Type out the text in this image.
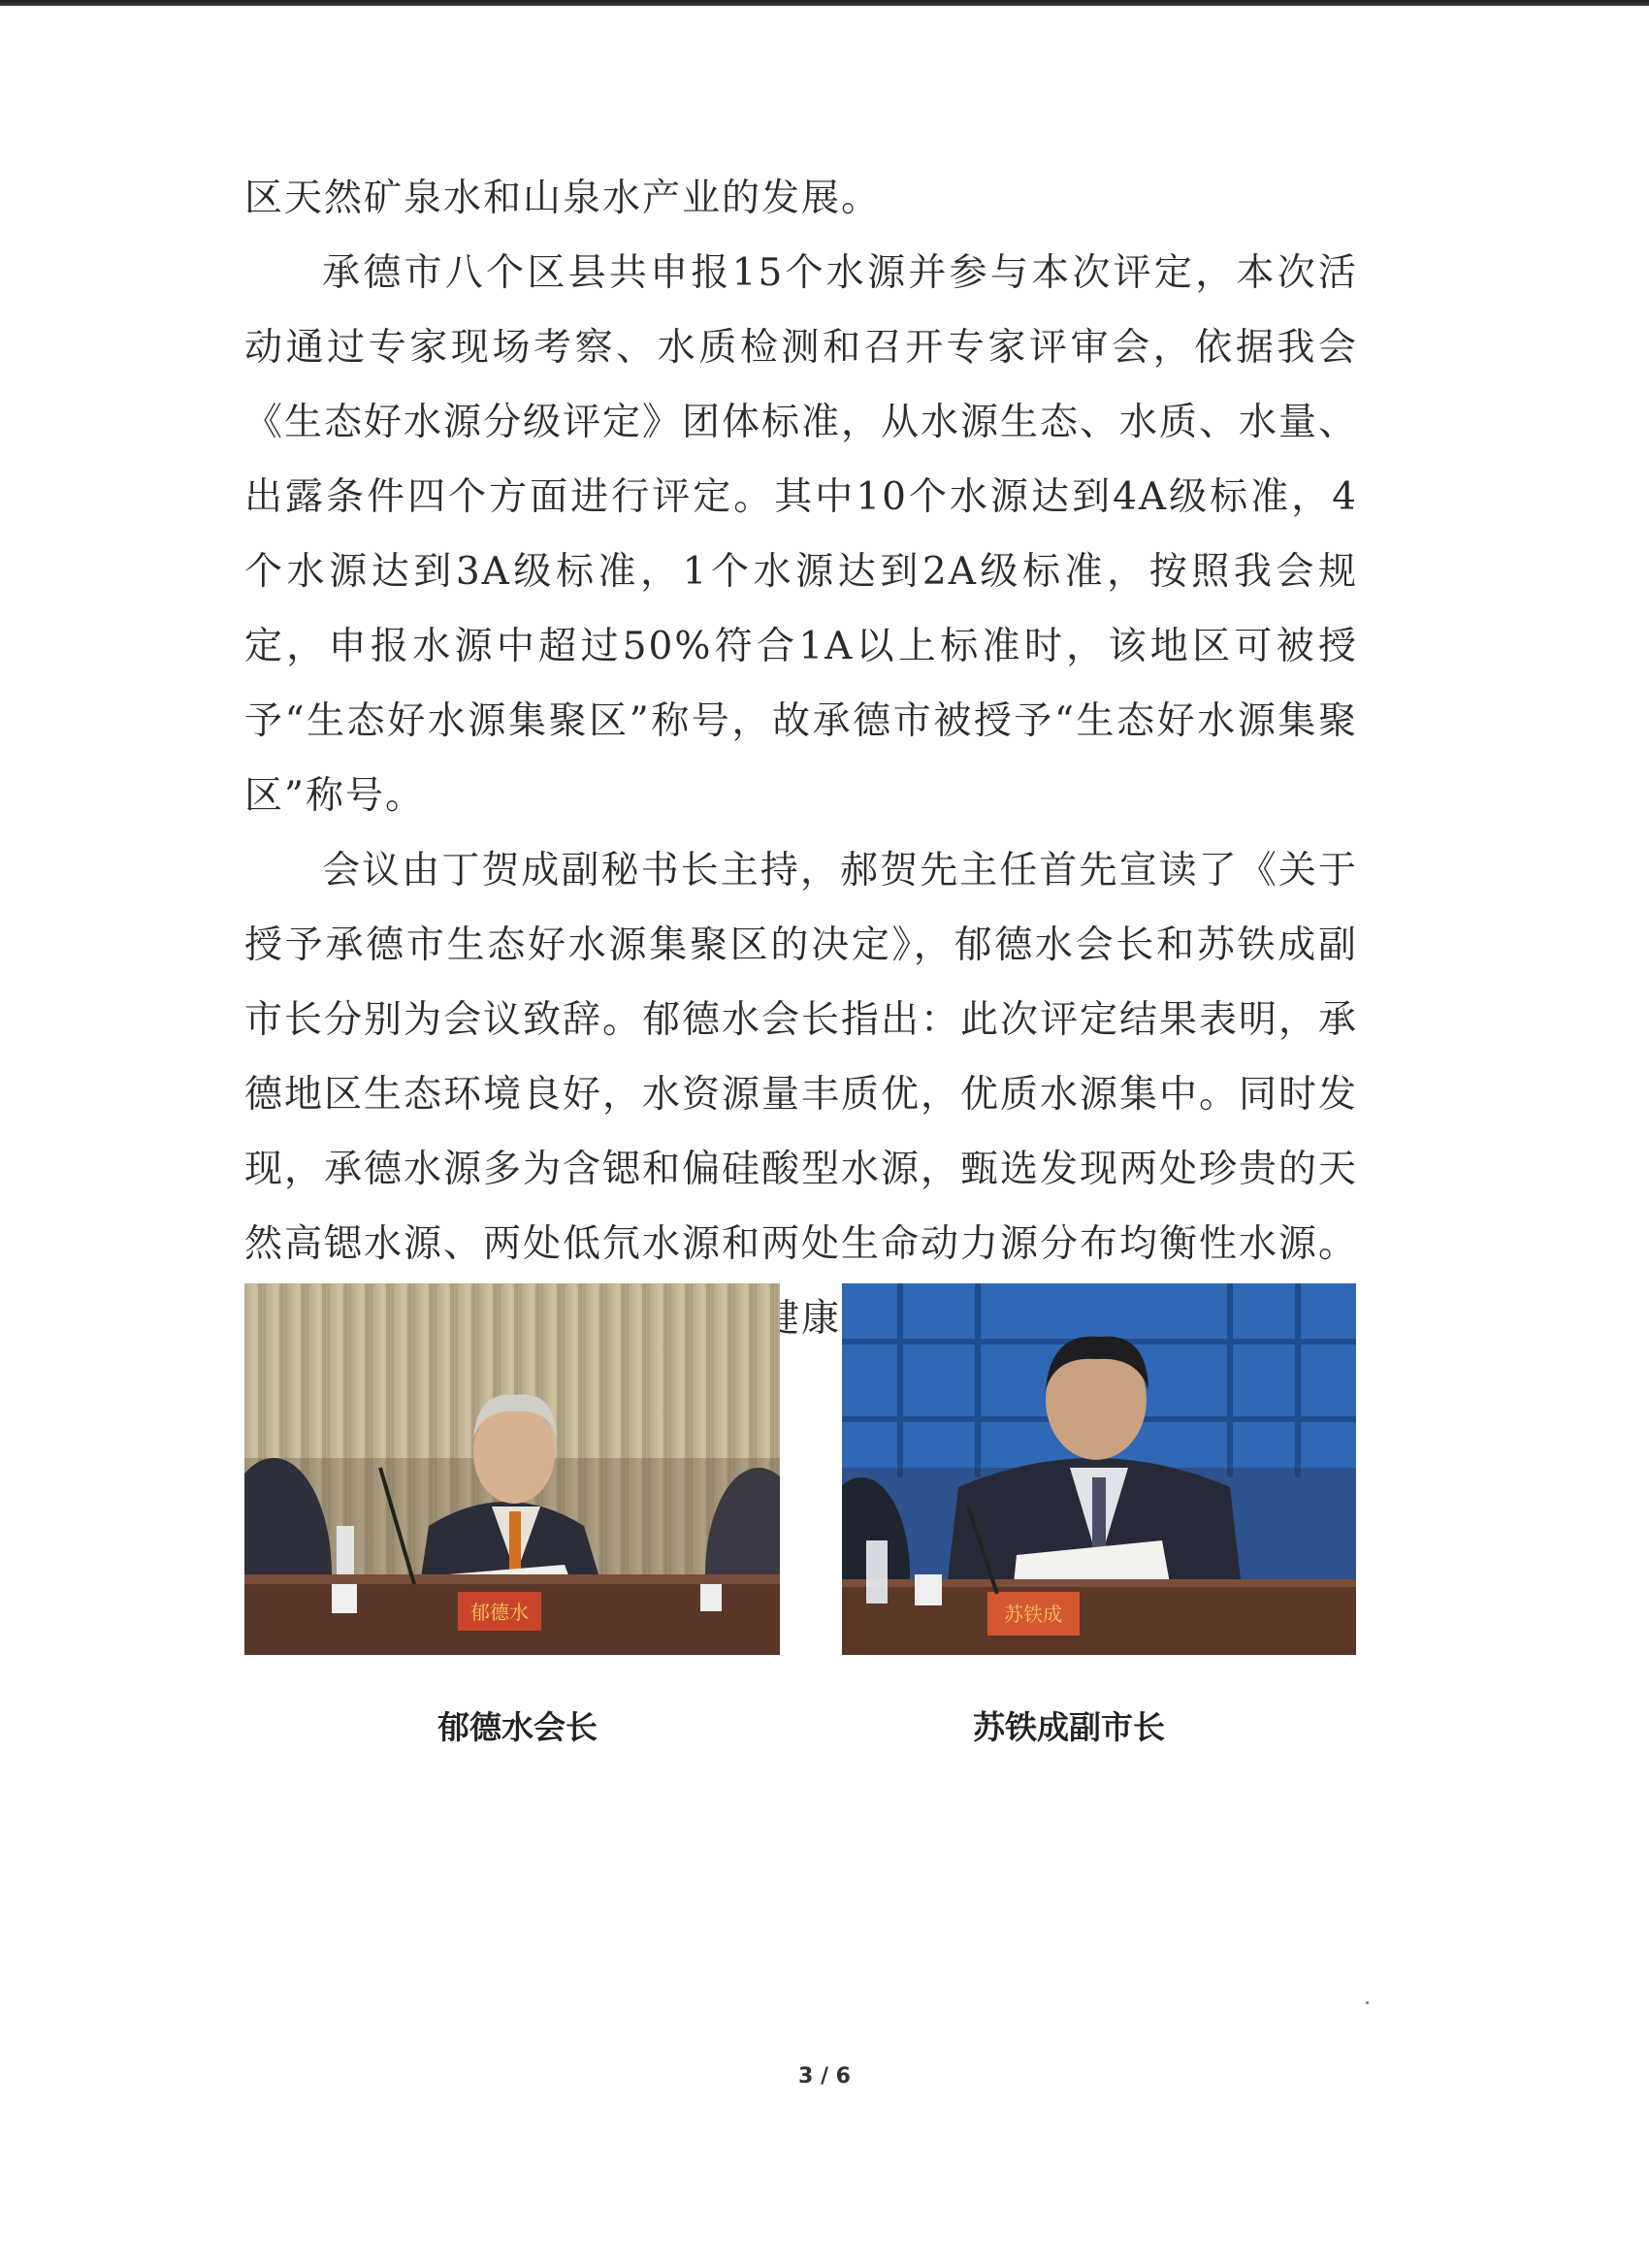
区天然矿泉水和山泉水产业的发展。

承德市八个区县共申报15个水源并参与本次评定，本次活动通过专家现场考察、水质检测和召开专家评审会，依据我会《生态好水源分级评定》团体标准，从水源生态、水质、水量、出露条件四个方面进行评定。其中10个水源达到4A级标准，4个水源达到3A级标准，1个水源达到2A级标准，按照我会规定，申报水源中超过50%符合1A以上标准时，该地区可被授予“生态好水源集聚区”称号，故承德市被授予“生态好水源集聚区”称号。

会议由丁贺成副秘书长主持，郝贺先主任首先宣读了《关于授予承德市生态好水源集聚区的决定》，郁德水会长和苏铁成副市长分别为会议致辞。郁德水会长指出：此次评定结果表明，承德地区生态环境良好，水资源量丰质优，优质水源集中。同时发现，承德水源多为含锶和偏硅酸型水源，甄选发现两处珍贵的天然高锶水源、两处低氘水源和两处生命动力源分布均衡性水源。 健康，

郁德水	苏铁成
郁德水会长	苏铁成副市长
3 / 6
